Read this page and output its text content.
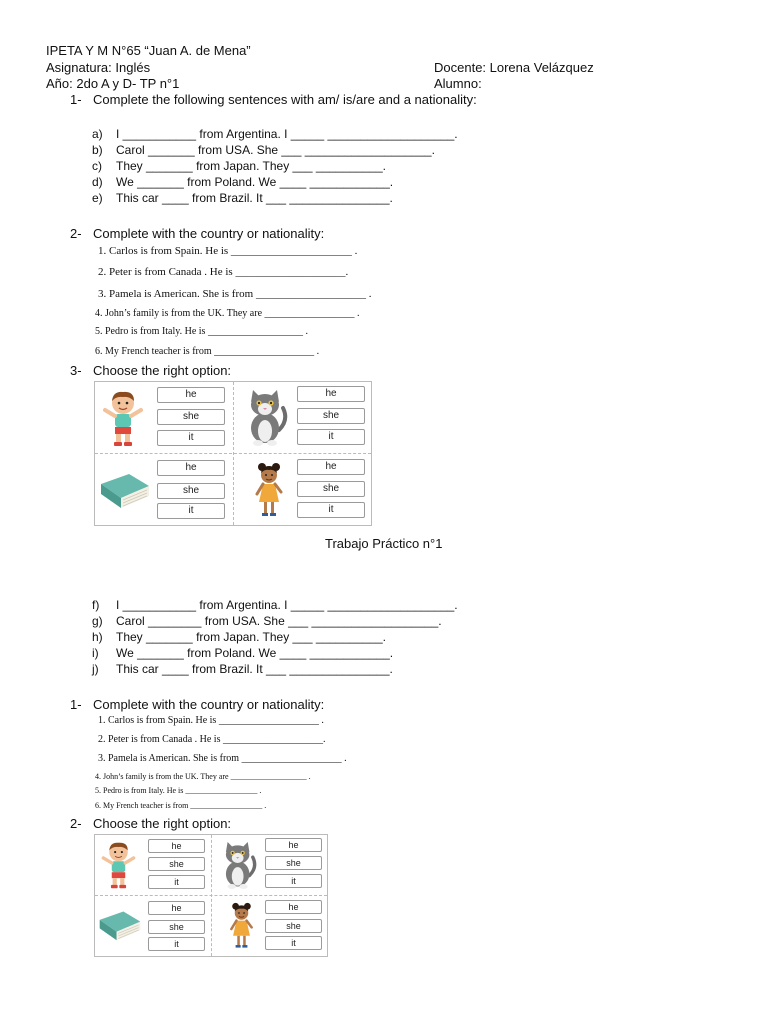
IPETA Y M N°65 “Juan A. de Mena”
Asignatura: Inglés	Docente: Lorena Velázquez
Año: 2do A y D- TP n°1	Alumno:
1- Complete the following sentences with am/ is/are and a nationality:
a) I ___________ from Argentina. I _____ ___________________.
b) Carol _______ from USA. She ___ ___________________.
c) They _______ from Japan. They ___ __________.
d) We _______ from Poland. We ____ ____________.
e) This car ____ from Brazil. It ___ _______________.
2- Complete with the country or nationality:
1. Carlos is from Spain. He is ______________________ .
2. Peter is from Canada . He is ____________________.
3. Pamela is American. She is from ____________________ .
4. John’s family is from the UK. They are __________________ .
5. Pedro is from Italy. He is ___________________ .
6. My French teacher is from ____________________ .
3- Choose the right option:
he
she
it
he
she
it
he
she
it
he
she
it
Trabajo Práctico n°1
f) I ___________ from Argentina. I _____ ___________________.
g) Carol ________ from USA. She ___ ___________________.
h) They _______ from Japan. They ___ __________.
i) We _______ from Poland. We ____ ____________.
j) This car ____ from Brazil. It ___ _______________.
1- Complete with the country or nationality:
1. Carlos is from Spain. He is ____________________ .
2. Peter is from Canada . He is ____________________.
3. Pamela is American. She is from ____________________ .
4. John’s family is from the UK. They are ___________________ .
5. Pedro is from Italy. He is __________________ .
6. My French teacher is from __________________ .
2- Choose the right option:
he
she
it
he
she
it
he
she
it
he
she
it
